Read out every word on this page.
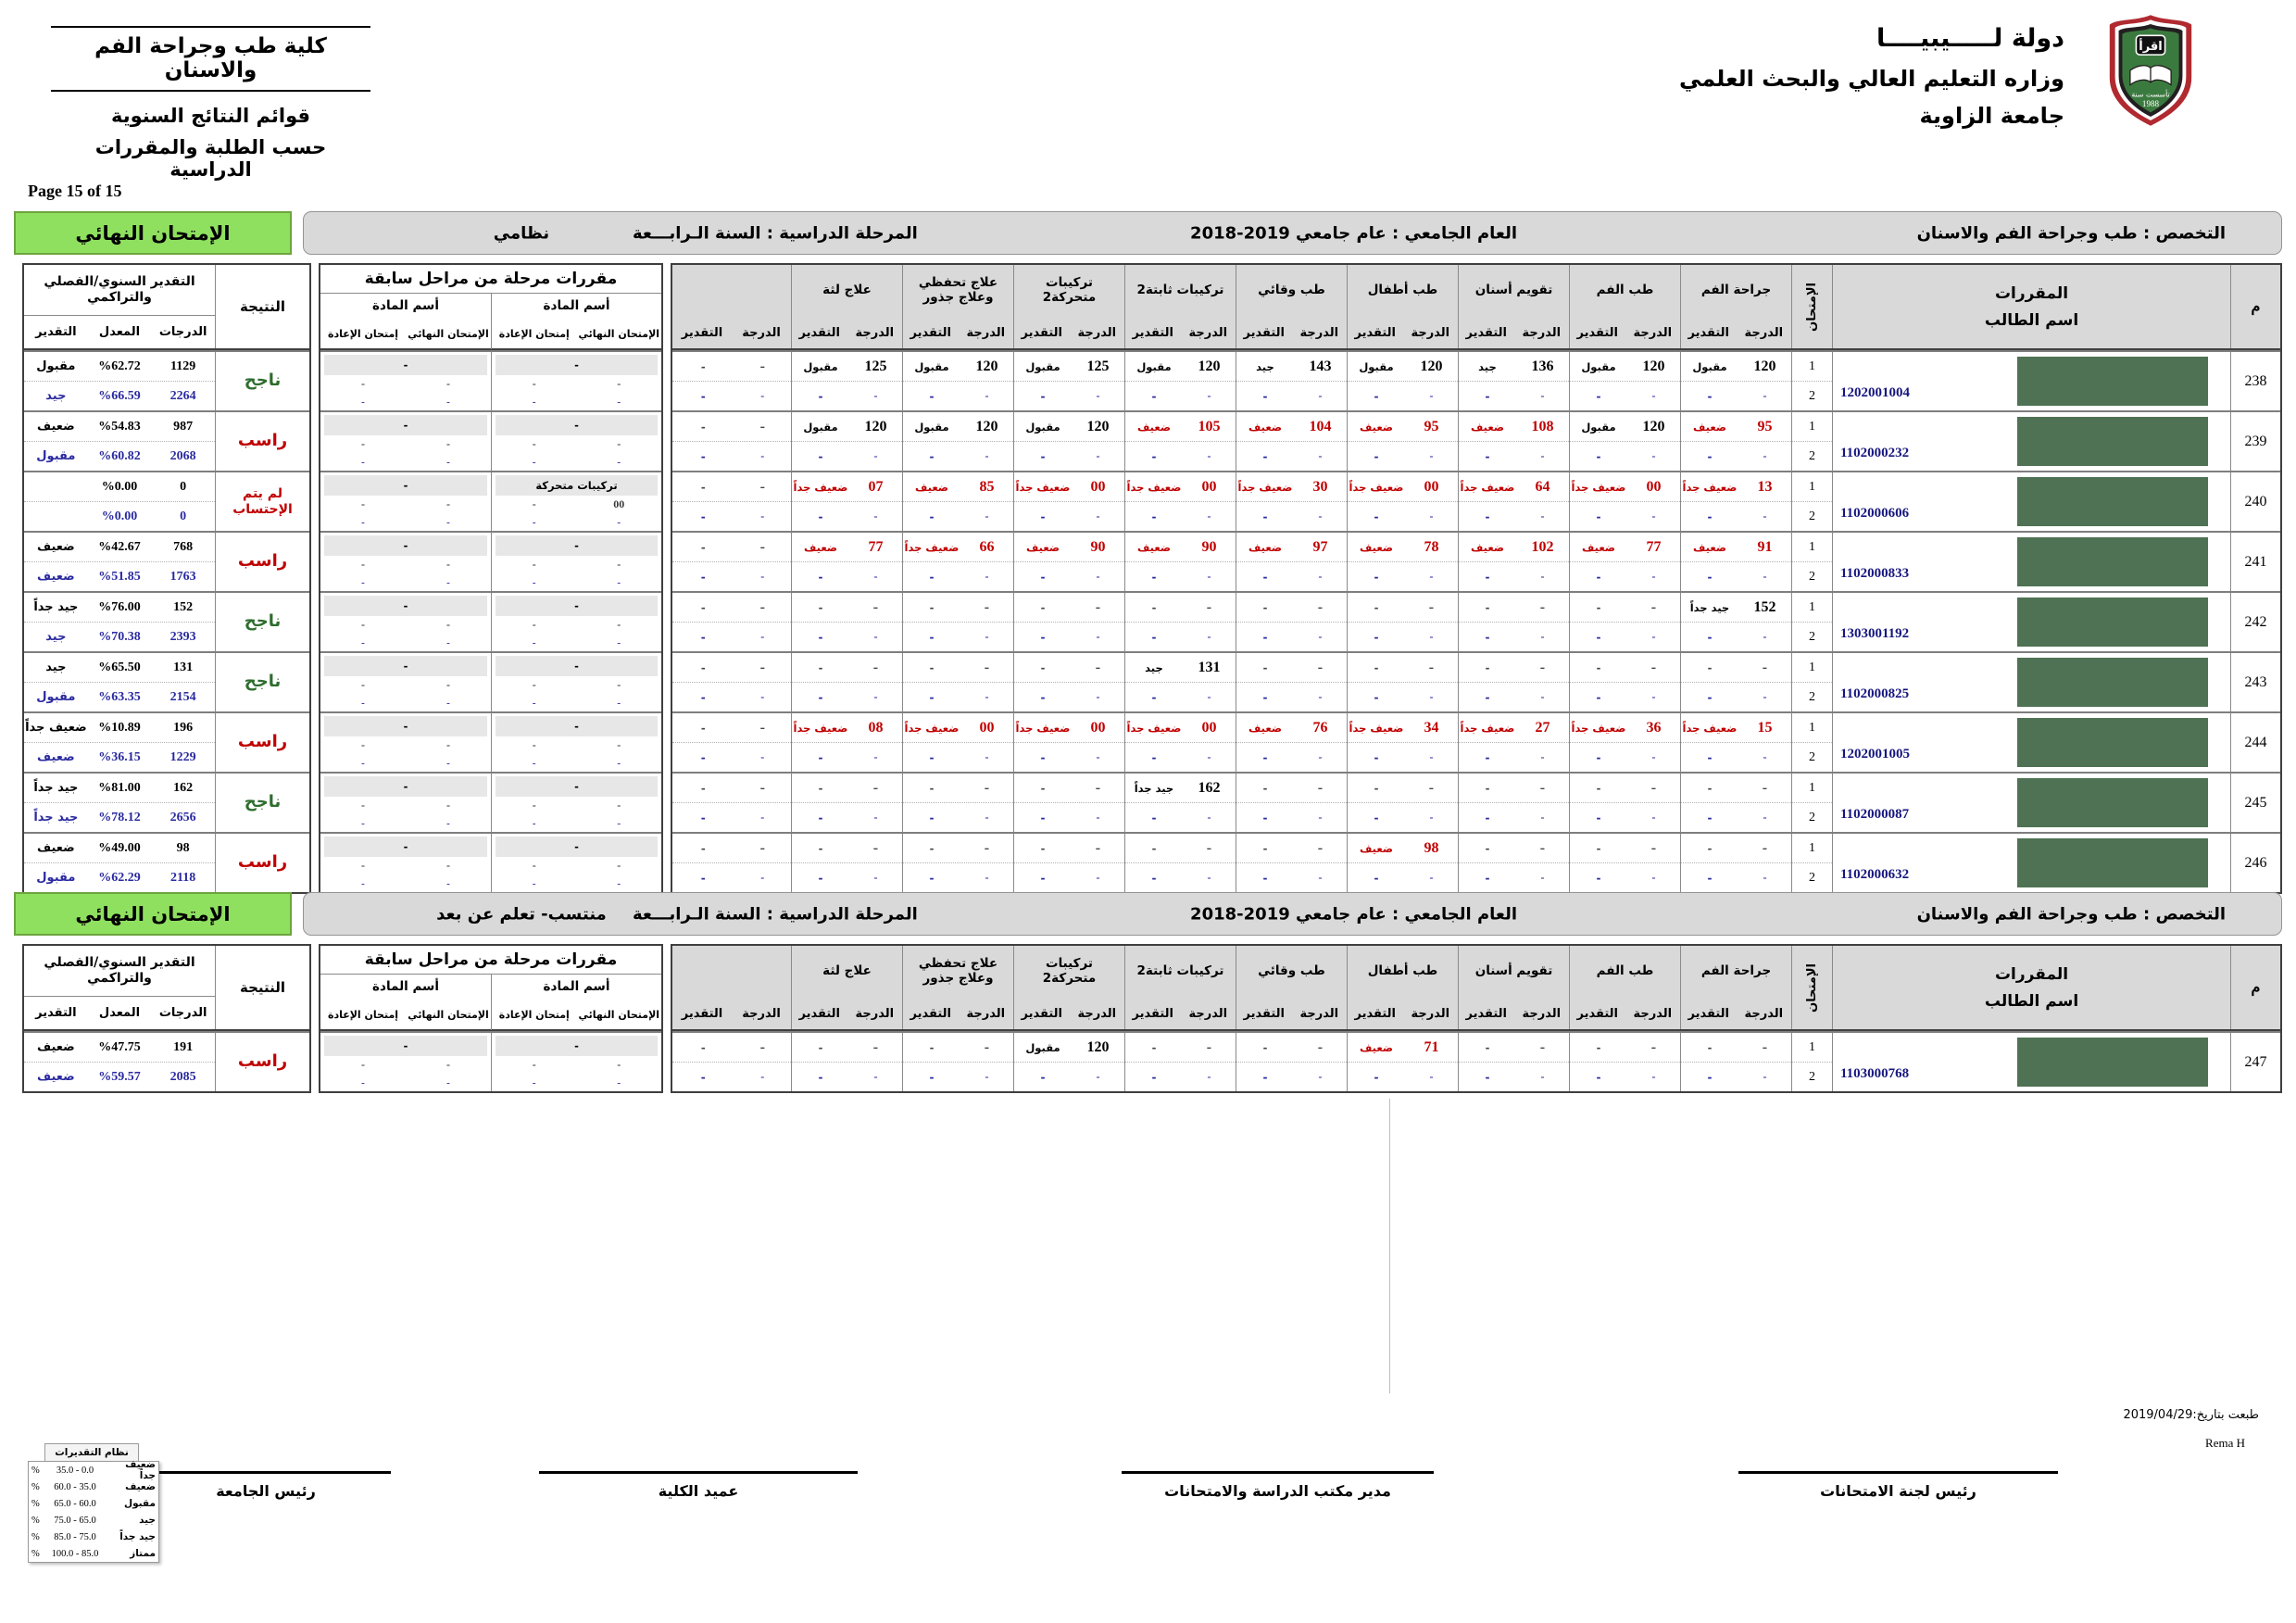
دولة لـــــيبيــــا
وزاره التعليم العالي والبحث العلمي
جامعة الزاوية
اقرأ
تأسست سنة
1988
كلية طب وجراحة الفم والاسنان
قوائم النتائج السنوية
حسب الطلبة والمقررات الدراسية
Page 15 of 15
التخصص : طب وجراحة الفم والاسنان
العام الجامعي : عام جامعي 2019-2018
المرحلة الدراسية : السنة الـرابـــعة
نظامي
الإمتحان النهائي
م
المقررات
اسم الطالب
الإمتحان
جراحة الفم
الدرجة
التقدير
طب الفم
الدرجة
التقدير
تقويم أسنان
الدرجة
التقدير
طب أطفال
الدرجة
التقدير
طب وقائي
الدرجة
التقدير
تركيبات ثابتة2
الدرجة
التقدير
تركيبات متحركة2
الدرجة
التقدير
علاج تحفظي وعلاج جذور
الدرجة
التقدير
علاج لثة
الدرجة
التقدير
الدرجة
التقدير
238
1202001004
1
2
120
مقبول
-
-
120
مقبول
-
-
136
جيد
-
-
120
مقبول
-
-
143
جيد
-
-
120
مقبول
-
-
125
مقبول
-
-
120
مقبول
-
-
125
مقبول
-
-
-
-
-
-
239
1102000232
1
2
95
ضعيف
-
-
120
مقبول
-
-
108
ضعيف
-
-
95
ضعيف
-
-
104
ضعيف
-
-
105
ضعيف
-
-
120
مقبول
-
-
120
مقبول
-
-
120
مقبول
-
-
-
-
-
-
240
1102000606
1
2
13
ضعيف جداً
-
-
00
ضعيف جداً
-
-
64
ضعيف جداً
-
-
00
ضعيف جداً
-
-
30
ضعيف جداً
-
-
00
ضعيف جداً
-
-
00
ضعيف جداً
-
-
85
ضعيف
-
-
07
ضعيف جداً
-
-
-
-
-
-
241
1102000833
1
2
91
ضعيف
-
-
77
ضعيف
-
-
102
ضعيف
-
-
78
ضعيف
-
-
97
ضعيف
-
-
90
ضعيف
-
-
90
ضعيف
-
-
66
ضعيف جداً
-
-
77
ضعيف
-
-
-
-
-
-
242
1303001192
1
2
152
جيد جداً
-
-
-
-
-
-
-
-
-
-
-
-
-
-
-
-
-
-
-
-
-
-
-
-
-
-
-
-
-
-
-
-
-
-
-
-
-
-
243
1102000825
1
2
-
-
-
-
-
-
-
-
-
-
-
-
-
-
-
-
-
-
-
-
131
جيد
-
-
-
-
-
-
-
-
-
-
-
-
-
-
-
-
-
-
244
1202001005
1
2
15
ضعيف جداً
-
-
36
ضعيف جداً
-
-
27
ضعيف جداً
-
-
34
ضعيف جداً
-
-
76
ضعيف
-
-
00
ضعيف جداً
-
-
00
ضعيف جداً
-
-
00
ضعيف جداً
-
-
08
ضعيف جداً
-
-
-
-
-
-
245
1102000087
1
2
-
-
-
-
-
-
-
-
-
-
-
-
-
-
-
-
-
-
-
-
162
جيد جداً
-
-
-
-
-
-
-
-
-
-
-
-
-
-
-
-
-
-
246
1102000632
1
2
-
-
-
-
-
-
-
-
-
-
-
-
98
ضعيف
-
-
-
-
-
-
-
-
-
-
-
-
-
-
-
-
-
-
-
-
-
-
-
-
-
-
مقررات مرحلة من مراحل سابقة
أسم المادة
الإمتحان النهائي
إمتحان الإعادة
أسم المادة
الإمتحان النهائي
إمتحان الإعادة
-
-
-
-
-
-
-
-
-
-
-
-
-
-
-
-
-
-
-
-
تركيبات متحركة
00
-
-
-
-
-
-
-
-
-
-
-
-
-
-
-
-
-
-
-
-
-
-
-
-
-
-
-
-
-
-
-
-
-
-
-
-
-
-
-
-
-
-
-
-
-
-
-
-
-
-
-
-
-
-
-
-
-
-
-
-
-
-
-
-
-
-
-
-
النتيجة
التقدير السنوي/الفصلي والتراكمي
الدرجات
المعدل
التقدير
ناجح
1129
%62.72
مقبول
2264
%66.59
جيد
راسب
987
%54.83
ضعيف
2068
%60.82
مقبول
لم يتم الإحتساب
0
%0.00
0
%0.00
راسب
768
%42.67
ضعيف
1763
%51.85
ضعيف
ناجح
152
%76.00
جيد جداً
2393
%70.38
جيد
ناجح
131
%65.50
جيد
2154
%63.35
مقبول
راسب
196
%10.89
ضعيف جداً
1229
%36.15
ضعيف
ناجح
162
%81.00
جيد جداً
2656
%78.12
جيد جداً
راسب
98
%49.00
ضعيف
2118
%62.29
مقبول
التخصص : طب وجراحة الفم والاسنان
العام الجامعي : عام جامعي 2019-2018
المرحلة الدراسية : السنة الـرابـــعة
منتسب- تعلم عن بعد
الإمتحان النهائي
م
المقررات
اسم الطالب
الإمتحان
جراحة الفم
الدرجة
التقدير
طب الفم
الدرجة
التقدير
تقويم أسنان
الدرجة
التقدير
طب أطفال
الدرجة
التقدير
طب وقائي
الدرجة
التقدير
تركيبات ثابتة2
الدرجة
التقدير
تركيبات متحركة2
الدرجة
التقدير
علاج تحفظي وعلاج جذور
الدرجة
التقدير
علاج لثة
الدرجة
التقدير
الدرجة
التقدير
247
1103000768
1
2
-
-
-
-
-
-
-
-
-
-
-
-
71
ضعيف
-
-
-
-
-
-
-
-
-
-
120
مقبول
-
-
-
-
-
-
-
-
-
-
-
-
-
-
مقررات مرحلة من مراحل سابقة
أسم المادة
الإمتحان النهائي
إمتحان الإعادة
أسم المادة
الإمتحان النهائي
إمتحان الإعادة
-
-
-
-
-
-
-
-
-
-
النتيجة
التقدير السنوي/الفصلي والتراكمي
الدرجات
المعدل
التقدير
راسب
191
%47.75
ضعيف
2085
%59.57
ضعيف
طبعت بتاريخ:2019/04/29
Rema H
رئيس لجنة الامتحانات
مدير مكتب الدراسة والامتحانات
عميد الكلية
رئيس الجامعة
نظام التقديرات
ضعيف جداً
35.0 - 0.0
%
ضعيف
60.0 - 35.0
%
مقبول
65.0 - 60.0
%
جيد
75.0 - 65.0
%
جيد جداً
85.0 - 75.0
%
ممتاز
100.0 - 85.0
%
